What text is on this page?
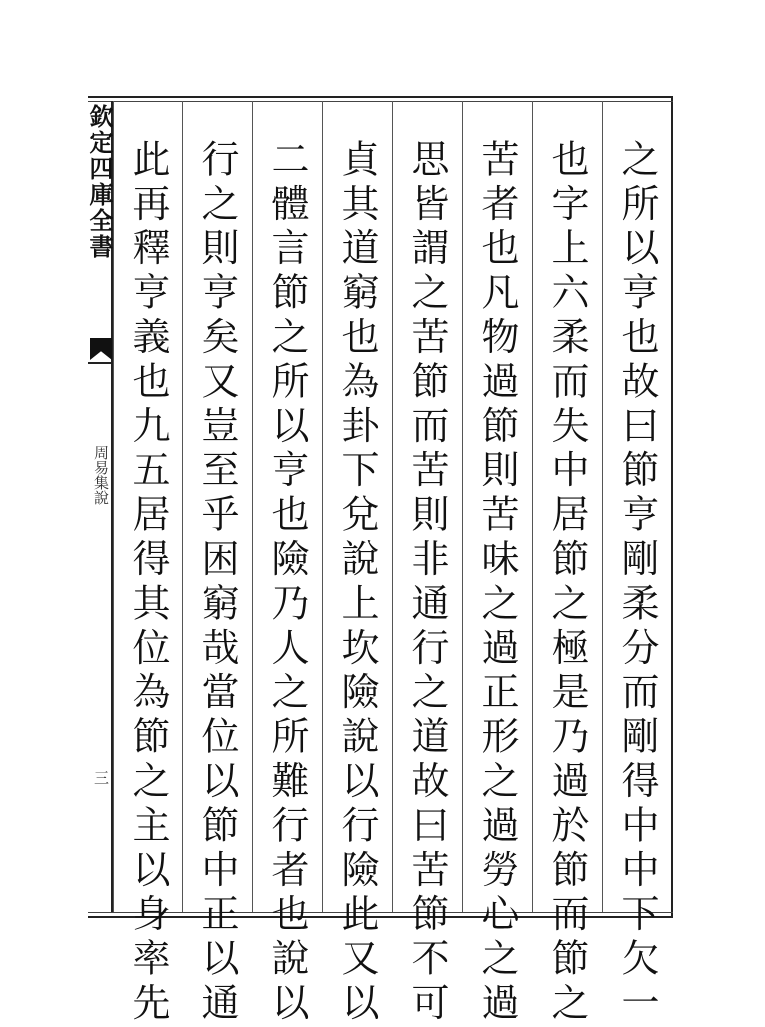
欽定四庫全書
周易集說
三	之所以亨也故曰節亨剛柔分而剛得中中下欠一
也字上六柔而失中居節之極是乃過於節而節之
苦者也凡物過節則苦味之過正形之過勞心之過
思皆謂之苦節而苦則非通行之道故曰苦節不可
貞其道窮也為卦下兌說上坎險說以行險此又以
二體言節之所以亨也險乃人之所難行者也說以
行之則亨矣又豈至乎困窮哉當位以節中正以通
此再釋亨義也九五居得其位為節之主以身率先
